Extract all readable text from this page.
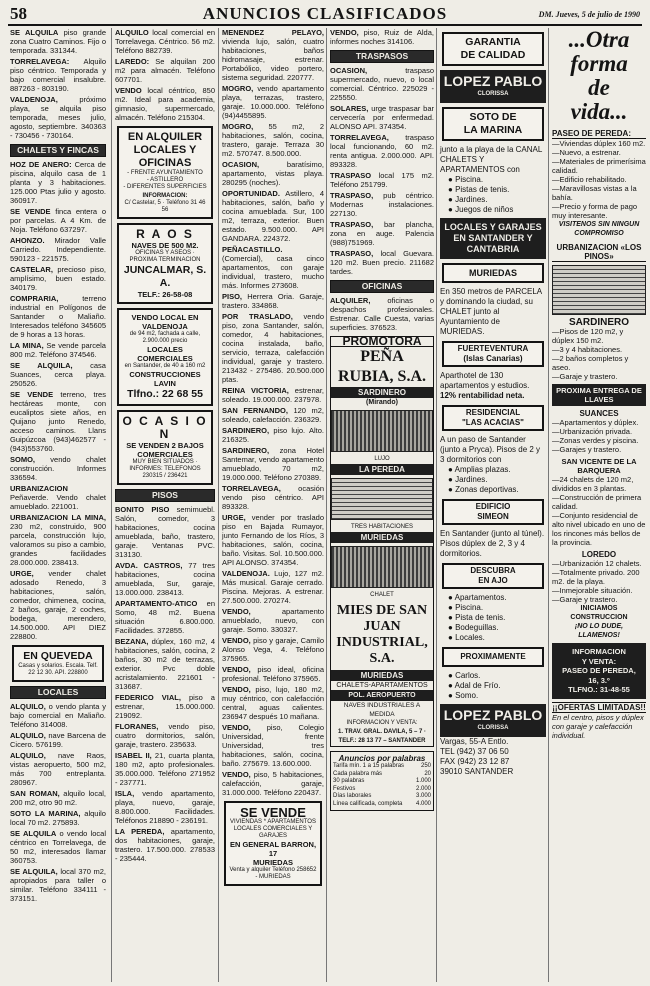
58	ANUNCIOS CLASIFICADOS	DM. Jueves, 5 de julio de 1990
SE ALQUILA piso grande zona Cuatro Caminos. Fijo o temporada. 331344.
TORRELAVEGA: Alquilo piso céntrico. Temporada y bajo comercial insalubre. 887263 - 803190.
VALDENOJA, próximo playa, se alquila piso temporada, meses julio, agosto, septiembre. 340363 - 730456 - 730164.
CHALETS Y FINCAS
HOZ DE ANERO: Cerca de piscina, alquilo casa de 1 planta y 3 habitaciones. 125.000 Ptas julio y agosto. 360917.
SE VENDE finca entera o por parcelas. A 4 Km. de Noja. Teléfono 637297.
AHONZO. Mirador Valle Carriedo. Independiente. 590123 - 221575.
CASTELAR, precioso piso, amplísimo, buen estado. 340179.
COMPRARIA, terreno industrial en Polígonos de Santander o Maliaño. Interesados teléfono 345605 de 9 horas a 13 horas.
LA MINA, Se vende parcela 800 m2. Teléfono 374546.
SE ALQUILA, casa Suances, cerca playa. 250526.
SE VENDE terreno, tres hectáreas monte, con eucaliptos siete años, en Quijano junto Renedo, acceso caminos. Llans Guipúzcoa (943)462577 - (943)553760.
SOMO, vendo chalet construcción. Informes 336594.
URBANIZACION Peñaverde. Vendo chalet amueblado. 221001.
URBANIZACION LA MINA, 230 m2, construido, 900 parcela, construcción lujo, valoramos su piso a cambio, grandes facilidades 28.000.000. 238413.
URGE, vender chalet adosado Renedo, 3 habitaciones, salón, comedor, chimenea, cocina, 2 baños, garaje, 2 coches, bodega, merendero, 14.500.000. API DIEZ 228800.
EN QUEVEDA
Casas y solarios. Escala. Telf. 22 12 30. API. 228800
LOCALES
ALQUILO, o vendo planta y bajo comercial en Maliaño. Teléfono 314008.
ALQUILO, nave Barcena de Cicero. 576199.
ALQUILO, nave Raos, vistas aeropuerto, 500 m2, más 700 entreplanta. 280967.
SAN ROMAN, alquilo local, 200 m2, otro 90 m2.
SOTO LA MARINA, alquilo local 70 m2. 275893.
SE ALQUILA o vendo local céntrico en Torrelavega, de 50 m2, interesados llamar 360753.
SE ALQUILA, local 370 m2, apropiados para taller o similar. Teléfono 334111 - 373151.
ALQUILO local comercial en Torrelavega. Céntrico. 56 m2. Teléfono 882739.
LAREDO: Se alquilan 200 m2 para almacén. Teléfono 607701.
VENDO local céntrico, 850 m2. Ideal para academia, gimnasio, supermercado, almacén. Teléfono 215304.
EN ALQUILER LOCALES Y OFICINAS
- FRENTE AYUNTAMIENTO
- ASTILLERO
- DIFERENTES SUPERFICIES
INFORMACION:
C/ Castelar, 5 · Teléfono 31 46 56
R A O S
NAVES DE 500 M2.
OFICINAS Y ASEOS · PROXIMA TERMINACION
JUNCALMAR, S. A.
TELF.: 26-58-08
VENDO LOCAL EN VALDENOJA
de 94 m2, fachada a calle, 2.900.000 precio
LOCALES COMERCIALES
en Santander, de 40 a 160 m2
CONSTRUCCIONES LAVIN
Tlfno.: 22 68 55
O C A S I O N
SE VENDEN 2 BAJOS COMERCIALES
MUY BIEN SITUADOS · INFORMES: TELEFONOS 230315 / 236421
PISOS
BONITO PISO semimuebl. Salón, comedor, 3 habitaciones, cocina amueblada, baño, trastero, garaje. Ventanas PVC. 313130.
AVDA. CASTROS, 77 tres habitaciones, cocina amueblada, Sur, garaje, 13.000.000. 238413.
APARTAMENTO-ATICO en Somo, 48 m2. Buena situación 6.800.000. Facilidades. 372855.
BEZANA, dúplex, 160 m2, 4 habitaciones, salón, cocina, 2 baños, 30 m2 de terrazas, exterior. Pvc doble acristalamiento. 221601 - 313687.
FEDERICO VIAL, piso a estrenar, 15.000.000. 219092.
FLORANES, vendo piso, cuatro dormitorios, salón, garaje, trastero. 235633.
ISABEL II, 21, cuarta planta, 180 m2, apto profesionales. 35.000.000. Teléfono 271952 - 237771.
ISLA, vendo apartamento, playa, nuevo, garaje, 8.800.000. Facilidades. Teléfonos 218890 - 236191.
LA PEREDA, apartamento, dos habitaciones, garaje, trastero. 17.500.000. 278533 - 235444.
MENENDEZ PELAYO, vivienda lujo, salón, cuatro habitaciones, baños hidromasaje, estrenar. Portabólico, video portero, sistema seguridad. 220777.
MOGRO, vendo apartamento playa, terrazas, trastero, garaje. 10.000.000. Teléfono (94)4455895.
MOGRO, 55 m2, 2 habitaciones, salón, cocina, trastero, garaje. Terraza 30 m2. 570747. 8.500.000.
OCASION, baratísimo, apartamento, vistas playa. 280295 (noches).
OPORTUNIDAD. Astillero, 4 habitaciones, salón, baño y cocina amueblada. Sur, 100 m2, terraza, exterior. Buen estado. 9.500.000. API GANDARA. 224372.
PEÑACASTILLO. (Comercial), casa cinco apartamentos, con garaje individual, trastero, mucho más. Informes 273608.
PISO, Herrera Oria. Garaje, trastero. 334868.
POR TRASLADO, vendo piso, zona Santander, salón, comedor, 4 habitaciones, cocina instalada, baño, servicio, terraza, calefacción individual, garaje y trastero. 213432 - 275486. 20.500.000 ptas.
REINA VICTORIA, estrenar, soleado. 19.000.000. 237978.
SAN FERNANDO, 120 m2, soleado, calefacción. 236329.
SARDINERO, piso lujo. Alto. 216325.
SARDINERO, zona Hotel Santemar, vendo apartamento amueblado, 70 m2, 19.000.000. Teléfono 270389.
TORRELAVEGA, ocasión vendo piso céntrico. API 893328.
URGE, vender por traslado piso en Bajada Rumayor, junto Fernando de los Ríos, 3 habitaciones, salón, cocina, baño. Visitas. Sol. 10.500.000. API ALONSO. 374354.
VALDENOJA. Lujo, 127 m2. Más musical. Garaje cerrado. Piscina. Mejoras. A estrenar. 27.500.000. 270274.
VENDO, apartamento amueblado, nuevo, con garaje. Somo. 330327.
VENDO, piso y garaje, Camilo Alonso Vega, 4. Teléfono 375965.
VENDO, piso ideal, oficina profesional. Teléfono 375965.
VENDO, piso, lujo, 180 m2, muy céntrico, con calefacción central, aguas calientes. 236947 después 10 mañana.
VENDO, piso, Colegio Universidad, frente Universidad, tres habitaciones, salón, cocina, baño. 275679. 13.600.000.
VENDO, piso, 5 habitaciones, calefacción, garaje, 31.000.000. Teléfono 220437.
SE VENDE
VIVIENDAS * APARTAMENTOS
LOCALES COMERCIALES Y GARAJES
EN GENERAL BARRON, 17
MURIEDAS
Venta y alquiler Teléfono 258652 - MURIEDAS
VENDO, piso, Ruiz de Alda, informes noches 314106.
TRASPASOS
OCASION, traspaso supermercado, nuevo, o local comercial. Céntrico. 225029 - 225550.
SOLARES, urge traspasar bar cervecería por enfermedad. ALONSO API. 374354.
TORRELAVEGA, traspaso local funcionando, 60 m2. renta antigua. 2.000.000. API. 893328.
TRASPASO local 175 m2. Teléfono 251799.
TRASPASO, pub céntrico. Modernas instalaciones. 227130.
TRASPASO, bar plancha, zona en auge. Palencia (988)751969.
TRASPASO, local Guevara. 120 m2. Buen precio. 211682 tardes.
OFICINAS
ALQUILER, oficinas o despachos profesionales. Estrenar. Calle Cuesta, varias superficies. 376523.
PROMOTORA
PEÑA RUBIA, S.A.
SARDINERO
(Mirando)
LUJO
LA PEREDA
TRES HABITACIONES
MURIEDAS
CHALET
MIES DE SAN JUAN INDUSTRIAL, S.A.
MURIEDAS
CHALETS-APARTAMENTOS
POL. AEROPUERTO
NAVES INDUSTRIALES A MEDIDA
INFORMACION Y VENTA:
1. TRAV. GRAL. DAVILA, 5 – 7 · TELF.: 28 13 77 – SANTANDER
Anuncios por palabras
Tarifa mín. 1 a 15 palabras	250
Cada palabra más	20
30 palabras	1.000
Festivos	2.000
Días laborales	3.000
Línea calificada, completa 4.000
GARANTIA
DE CALIDAD
LOPEZ PABLO
CLORISSA
SOTO DE
LA MARINA
junto a la playa de la CANAL CHALETS Y APARTAMENTOS con
● Piscina.
● Pistas de tenis.
● Jardines.
● Juegos de niños
LOCALES Y GARAJES EN SANTANDER Y CANTABRIA
MURIEDAS
En 350 metros de PARCELA y dominando la ciudad, su CHALET junto al Ayuntamiento de MURIEDAS.
FUERTEVENTURA
(Islas Canarias)
Aparthotel de 130 apartamentos y estudios.
12% rentabilidad neta.
RESIDENCIAL
"LAS ACACIAS"
A un paso de Santander (junto a Pryca). Pisos de 2 y 3 dormitorios con
● Amplias plazas.
● Jardines.
● Zonas deportivas.
EDIFICIO
SIMEON
En Santander (junto al túnel). Pisos dúplex de 2, 3 y 4 dormitorios.
DESCUBRA
EN AJO
● Apartamentos.
● Piscina.
● Pista de tenis.
● Bodeguillas.
● Locales.
PROXIMAMENTE
● Carlos.
● Adal de Frío.
● Somo.
LOPEZ PABLO
CLORISSA
Vargas, 55-A Entlo.
TEL (942) 37 06 50
FAX (942) 23 12 87
39010 SANTANDER
...Otra
forma
de
vida...
PASEO DE PEREDA:
—Viviendas dúplex 160 m2.
—Nuevo, a estrenar.
—Materiales de primerísima calidad.
—Edificio rehabilitado.
—Maravillosas vistas a la bahía.
—Precio y forma de pago muy interesante.
VISITENOS SIN NINGUN COMPROMISO
URBANIZACION «LOS PINOS»
SARDINERO
—Pisos de 120 m2, y dúplex 150 m2.
—3 y 4 habitaciones.
—2 baños completos y aseo.
—Garaje y trastero.
PROXIMA ENTREGA DE LLAVES
SUANCES
—Apartamentos y dúplex.
—Urbanización privada.
—Zonas verdes y piscina.
—Garajes y trastero.
SAN VICENTE DE LA BARQUERA
—24 chalets de 120 m2, divididos en 3 plantas.
—Construcción de primera calidad.
—Conjunto residencial de alto nivel ubicado en uno de los rincones más bellos de la provincia.
LOREDO
—Urbanización 12 chalets.
—Totalmente privado. 200 m2. de la playa.
—Inmejorable situación.
—Garaje y trastero.
INICIAMOS
CONSTRUCCION
¡NO LO DUDE,
LLAMENOS!
INFORMACION
Y VENTA:
PASEO DE PEREDA,
16, 3.º
TLFNO.: 31-48-55
¡¡OFERTAS LIMITADAS!!
En el centro, pisos y dúplex con garaje y calefacción individual.
